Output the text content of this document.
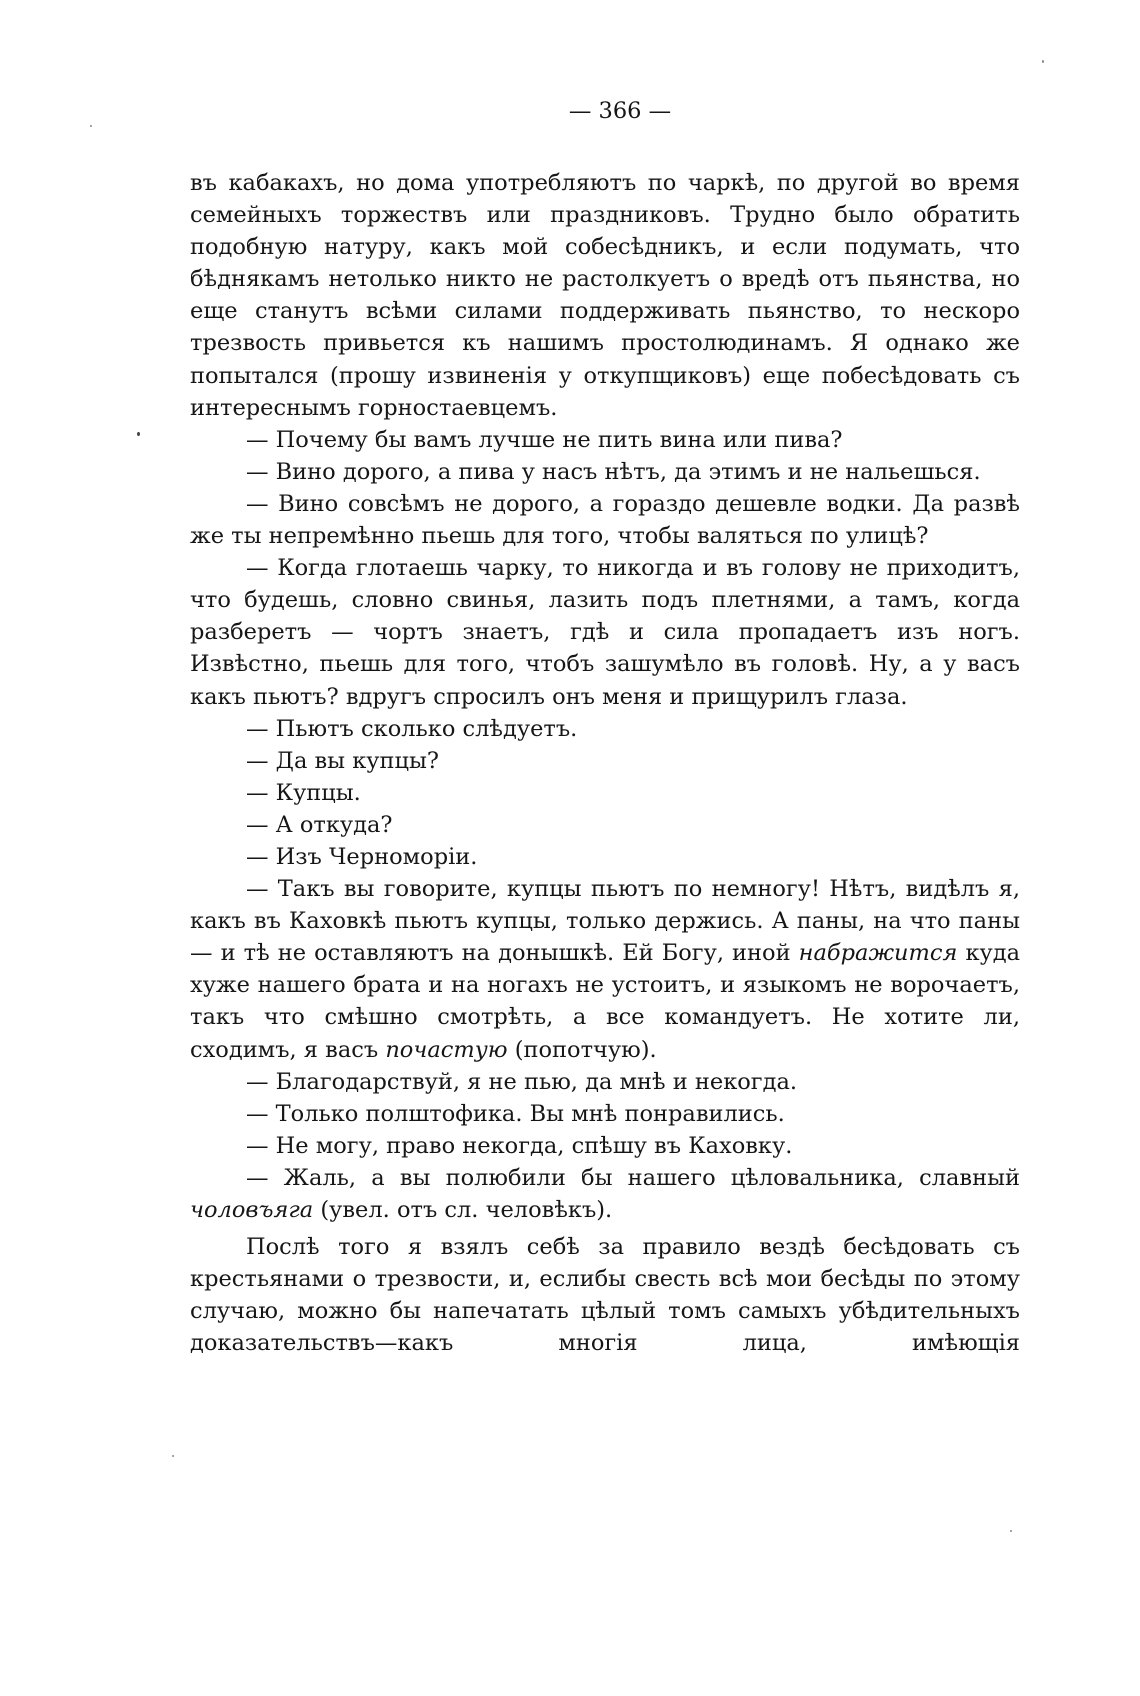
— 366 —

въ кабакахъ, но дома употребляютъ по чаркѣ, по другой во время семейныхъ торжествъ или праздниковъ. Трудно было обратить подобную натуру, какъ мой собесѣдникъ, и если подумать, что бѣднякамъ нетолько никто не растолкуетъ о вредѣ отъ пьянства, но еще станутъ всѣми силами поддерживать пьянство, то нескоро трезвость привьется къ нашимъ простолюдинамъ. Я однако же попытался (прошу извиненія у откупщиковъ) еще побесѣдовать съ интереснымъ горностаевцемъ.

— Почему бы вамъ лучше не пить вина или пива?

— Вино дорого, а пива у насъ нѣтъ, да этимъ и не нальешься.

— Вино совсѣмъ не дорого, а гораздо дешевле водки. Да развѣ же ты непремѣнно пьешь для того, чтобы валяться по улицѣ?

— Когда глотаешь чарку, то никогда и въ голову не приходитъ, что будешь, словно свинья, лазить подъ плетнями, а тамъ, когда разберетъ — чортъ знаетъ, гдѣ и сила пропадаетъ изъ ногъ. Извѣстно, пьешь для того, чтобъ зашумѣло въ головѣ. Ну, а у васъ какъ пьютъ? вдругъ спросилъ онъ меня и прищурилъ глаза.

— Пьютъ сколько слѣдуетъ.

— Да вы купцы?

— Купцы.

— А откуда?

— Изъ Черноморіи.

— Такъ вы говорите, купцы пьютъ по немногу! Нѣтъ, видѣлъ я, какъ въ Каховкѣ пьютъ купцы, только держись. А паны, на что паны — и тѣ не оставляютъ на донышкѣ. Ей Богу, иной набражится куда хуже нашего брата и на ногахъ не устоитъ, и языкомъ не ворочаетъ, такъ что смѣшно смотрѣть, а все командуетъ. Не хотите ли, сходимъ, я васъ почастую (попотчую).

— Благодарствуй, я не пью, да мнѣ и некогда.

— Только полштофика. Вы мнѣ понравились.

— Не могу, право некогда, спѣшу въ Каховку.

— Жаль, а вы полюбили бы нашего цѣловальника, славный чоловъяга (увел. отъ сл. человѣкъ).

Послѣ того я взялъ себѣ за правило вездѣ бесѣдовать съ крестьянами о трезвости, и, еслибы свесть всѣ мои бесѣды по этому случаю, можно бы напечатать цѣлый томъ самыхъ убѣдительныхъ доказательствъ—какъ многія лица, имѣющія
